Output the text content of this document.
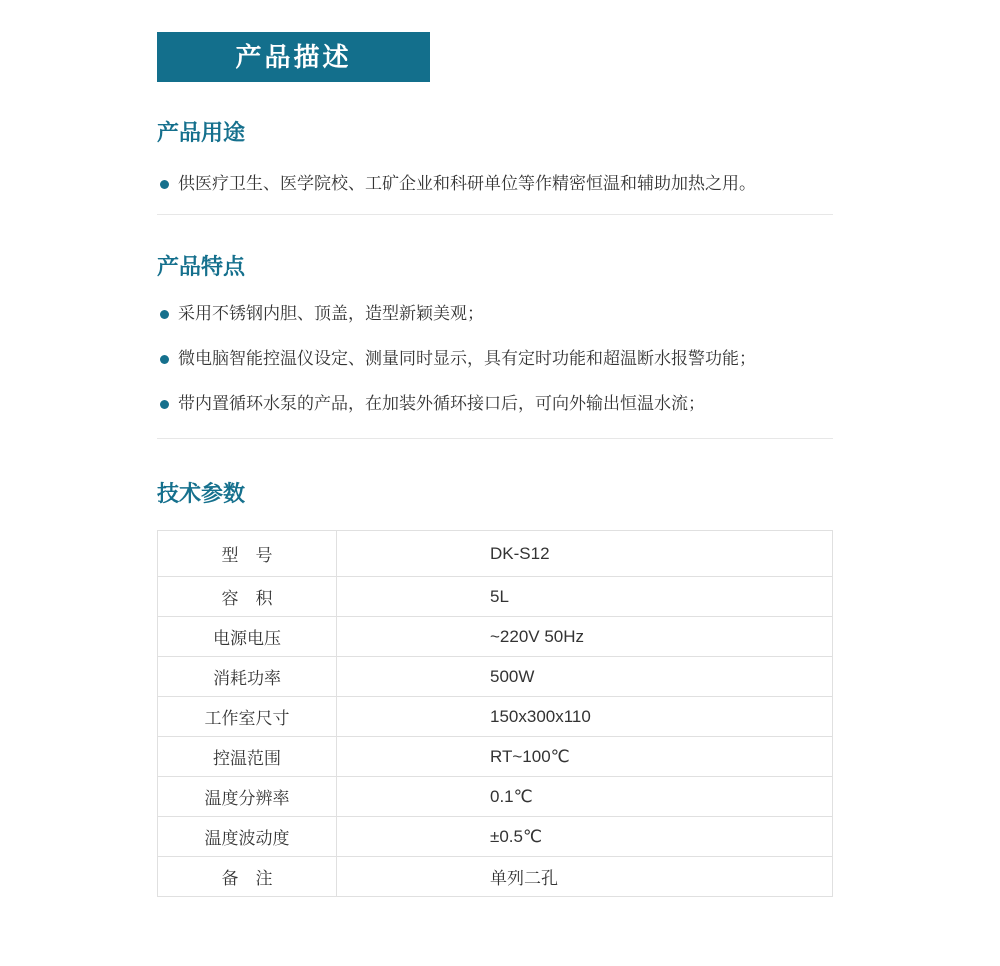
产品描述
产品用途
供医疗卫生、医学院校、工矿企业和科研单位等作精密恒温和辅助加热之用。
产品特点
采用不锈钢内胆、顶盖，造型新颖美观；
微电脑智能控温仪设定、测量同时显示，具有定时功能和超温断水报警功能；
带内置循环水泵的产品，在加装外循环接口后，可向外输出恒温水流；
技术参数
型　号	DK-S12
容　积	5L
电源电压	~220V 50Hz
消耗功率	500W
工作室尺寸	150x300x110
控温范围	RT~100℃
温度分辨率	0.1℃
温度波动度	±0.5℃
备　注	单列二孔
